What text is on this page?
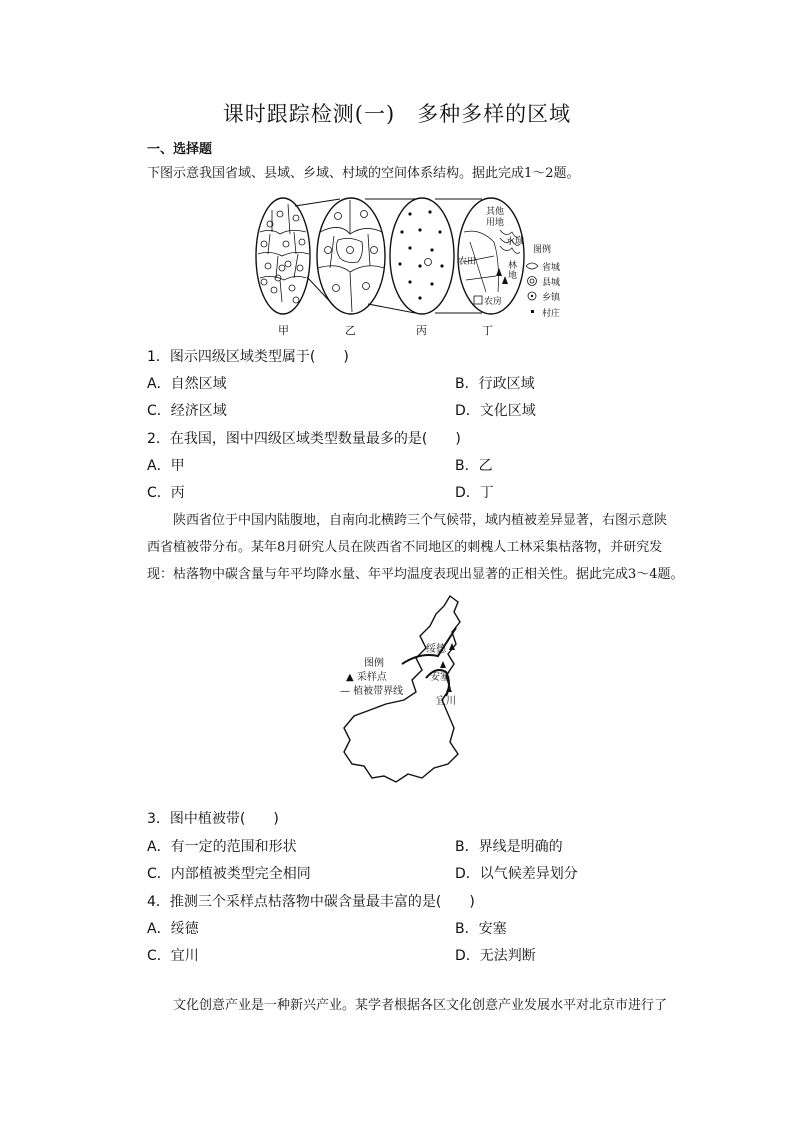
课时跟踪检测(一)　多种多样的区域
一、选择题
下图示意我国省域、县域、乡域、村域的空间体系结构。据此完成1～2题。
其他
用地
农田
水域
林
地
农房
图例
省城
县城
乡镇
村庄
甲	乙	丙	丁
1．图示四级区域类型属于(　　)
A．自然区域	B．行政区域
C．经济区域	D．文化区域
2．在我国，图中四级区域类型数量最多的是(　　)
A．甲	B．乙
C．丙	D．丁
　　陕西省位于中国内陆腹地，自南向北横跨三个气候带，域内植被差异显著，右图示意陕
西省植被带分布。某年8月研究人员在陕西省不同地区的刺槐人工林采集枯落物，并研究发
现：枯落物中碳含量与年平均降水量、年平均温度表现出显著的正相关性。据此完成3～4题。
绥德
安塞
宜川
图例
▲ 采样点
— 植被带界线
3．图中植被带(　　)
A．有一定的范围和形状	B．界线是明确的
C．内部植被类型完全相同	D．以气候差异划分
4．推测三个采样点枯落物中碳含量最丰富的是(　　)
A．绥德	B．安塞
C．宜川	D．无法判断
　　文化创意产业是一种新兴产业。某学者根据各区文化创意产业发展水平对北京市进行了
